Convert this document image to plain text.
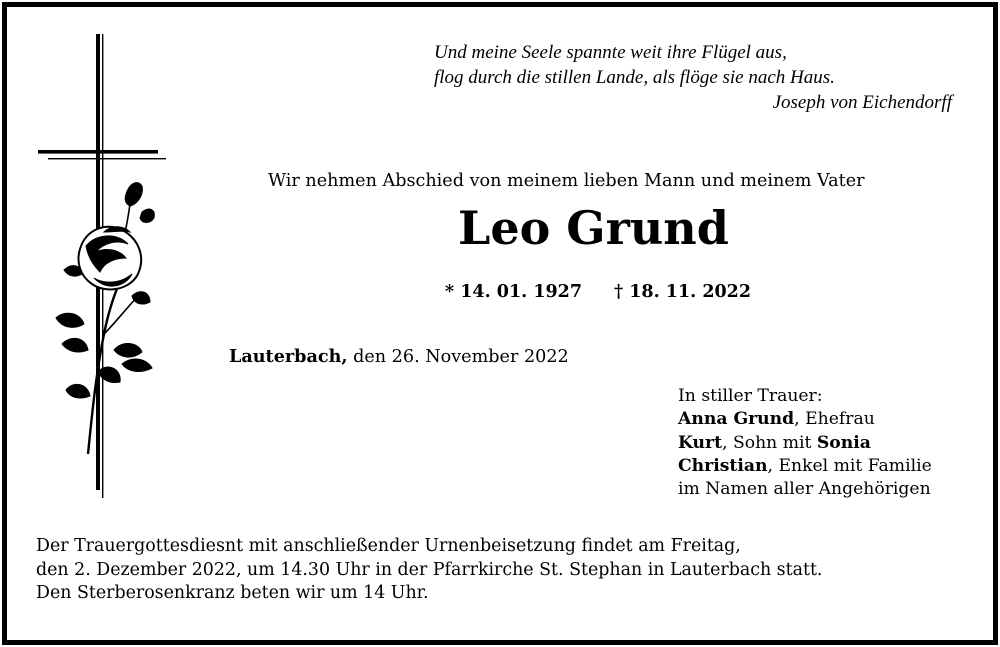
Und meine Seele spannte weit ihre Flügel aus,
flog durch die stillen Lande, als flöge sie nach Haus.
Joseph von Eichendorff
Wir nehmen Abschied von meinem lieben Mann und meinem Vater
Leo Grund
* 14. 01. 1927 † 18. 11. 2022
Lauterbach, den 26. November 2022
In stiller Trauer:
Anna Grund, Ehefrau
Kurt, Sohn mit Sonia
Christian, Enkel mit Familie
im Namen aller Angehörigen
Der Trauergottesdiesnt mit anschließender Urnenbeisetzung findet am Freitag,
den 2. Dezember 2022, um 14.30 Uhr in der Pfarrkirche St. Stephan in Lauterbach statt.
Den Sterberosenkranz beten wir um 14 Uhr.
